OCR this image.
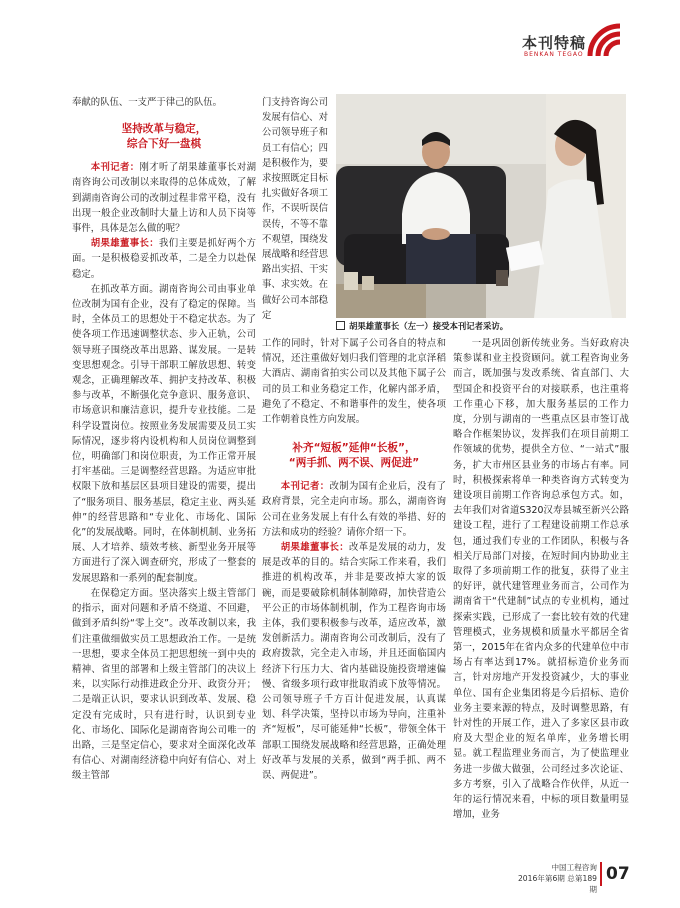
本刊特稿
BENKAN TEGAO

奉献的队伍、一支严于律己的队伍。

坚持改革与稳定，
综合下好一盘棋

本刊记者：刚才听了胡果雄董事长对湖南咨询公司改制以来取得的总体成效，了解到湖南咨询公司的改制过程非常平稳，没有出现一般企业改制时大量上访和人员下岗等事件，具体是怎么做的呢？

胡果雄董事长：我们主要是抓好两个方面。一是积极稳妥抓改革，二是全力以赴保稳定。

在抓改革方面。湖南咨询公司由事业单位改制为国有企业，没有了稳定的保障。当时，全体员工的思想处于不稳定状态。为了使各项工作迅速调整状态、步入正轨，公司领导班子围绕改革出思路、谋发展。一是转变思想观念。引导干部职工解放思想、转变观念，正确理解改革、拥护支持改革、积极参与改革，不断强化竞争意识、服务意识、市场意识和廉洁意识，提升专业技能。二是科学设置岗位。按照业务发展需要及员工实际情况，逐步将内设机构和人员岗位调整到位，明确部门和岗位职责，为工作正常开展打牢基础。三是调整经营思路。为适应审批权限下放和基层区县项目建设的需要，提出了“服务项目、服务基层，稳定主业、两头延伸”的经营思路和“专业化、市场化、国际化”的发展战略。同时，在体制机制、业务拓展、人才培养、绩效考核、新型业务开展等方面进行了深入调查研究，形成了一整套的发展思路和一系列的配套制度。

在保稳定方面。坚决落实上级主管部门的指示，面对问题和矛盾不绕道、不回避，做到矛盾纠纷“零上交”。改革改制以来，我们注重做细做实员工思想政治工作。一是统一思想，要求全体员工把思想统一到中央的精神、省里的部署和上级主管部门的决议上来，以实际行动推进政企分开、政资分开；二是端正认识，要求认识到改革、发展、稳定没有完成时，只有进行时，认识到专业化、市场化、国际化是湖南咨询公司唯一的出路，三是坚定信心，要求对全面深化改革有信心、对湖南经济稳中向好有信心、对上级主管部

门支持咨询公司发展有信心、对公司领导班子和员工有信心；四是积极作为，要求按照既定目标扎实做好各项工作，不误听误信误传，不等不靠不观望，围绕发展战略和经营思路出实招、干实事、求实效。在做好公司本部稳定

胡果雄董事长（左一）接受本刊记者采访。

工作的同时，针对下属子公司各自的特点和情况，还注重做好划归我们管理的北京泽稻大酒店、湖南省拍实公司以及其他下属子公司的员工和业务稳定工作，化解内部矛盾，避免了不稳定、不和谐事件的发生，使各项工作朝着良性方向发展。

补齐“短板”延伸“长板”，
“两手抓、两不误、两促进”

本刊记者：改制为国有企业后，没有了政府背景，完全走向市场。那么，湖南咨询公司在业务发展上有什么有效的举措、好的方法和成功的经验？请你介绍一下。

胡果雄董事长：改革是发展的动力，发展是改革的目的。结合实际工作来看，我们推进的机构改革，并非是要改掉大家的饭碗，而是要破除机制体制障碍，加快营造公平公正的市场体制机制，作为工程咨询市场主体，我们要积极参与改革，适应改革，激发创新活力。湖南咨询公司改制后，没有了政府拨款，完全走入市场，并且还面临国内经济下行压力大、省内基础设施投资增速偏慢、省级多项行政审批取消或下放等情况。公司领导班子千方百计促进发展，认真谋划、科学决策，坚持以市场为导向，注重补齐“短板”，尽可能延伸“长板”，带领全体干部职工围绕发展战略和经营思路，正确处理好改革与发展的关系，做到“两手抓、两不误、两促进”。

一是巩固创新传统业务。当好政府决策参谋和业主投资顾问。就工程咨询业务而言，既加强与发改系统、省直部门、大型国企和投资平台的对接联系，也注重将工作重心下移，加大服务基层的工作力度，分别与湖南的一些重点区县市签订战略合作框架协议，发挥我们在项目前期工作领域的优势，提供全方位、“一站式”服务，扩大市州区县业务的市场占有率。同时，积极探索将单一种类咨询方式转变为建设项目前期工作咨询总承包方式。如，去年我们对省道S320汉寿县城至新兴公路建设工程，进行了工程建设前期工作总承包，通过我们专业的工作团队，积极与各相关厅局部门对接，在短时间内协助业主取得了多项前期工作的批复，获得了业主的好评，就代建管理业务而言，公司作为湖南省干“代建制”试点的专业机构，通过探索实践，已形成了一套比较有效的代建管理模式，业务规模和质量水平都居全省第一，2015年在省内众多的代建单位中市场占有率达到17%。就招标造价业务而言，针对房地产开发投资减少，大的事业单位、国有企业集团将是今后招标、造价业务主要来源的特点，及时调整思路，有针对性的开展工作，进入了多家区县市政府及大型企业的短名单库，业务增长明显。就工程监理业务而言，为了使监理业务进一步做大做强，公司经过多次论证、多方考察，引入了战略合作伙伴，从近一年的运行情况来看，中标的项目数量明显增加，业务

中国工程咨询
2016年第6期 总第189期
07
